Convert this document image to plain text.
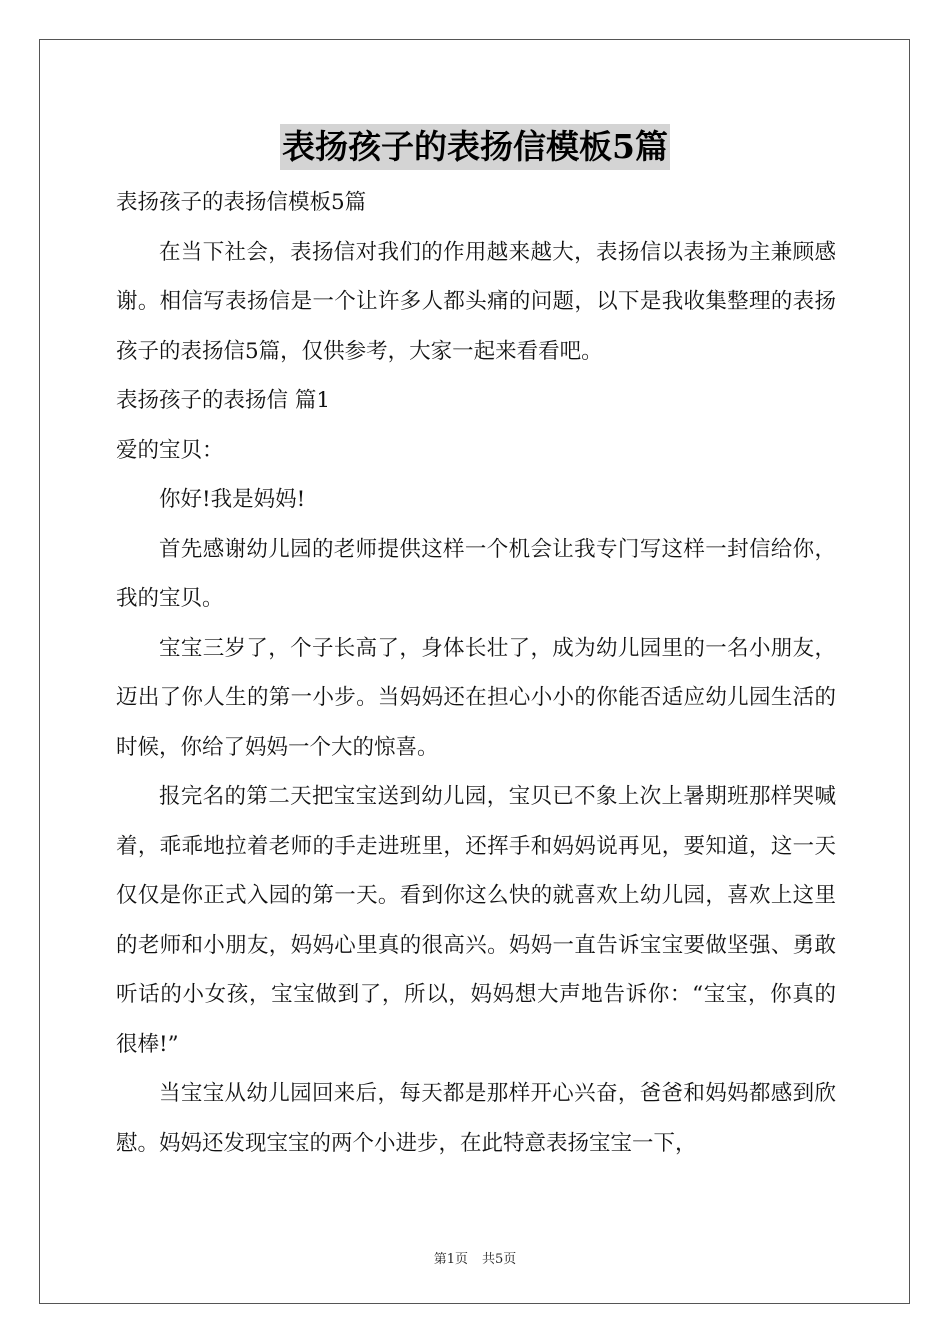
表扬孩子的表扬信模板5篇

表扬孩子的表扬信模板5篇

在当下社会，表扬信对我们的作用越来越大，表扬信以表扬为主兼顾感谢。相信写表扬信是一个让许多人都头痛的问题，以下是我收集整理的表扬孩子的表扬信5篇，仅供参考，大家一起来看看吧。

表扬孩子的表扬信 篇1

爱的宝贝：

你好!我是妈妈!

首先感谢幼儿园的老师提供这样一个机会让我专门写这样一封信给你，我的宝贝。

宝宝三岁了，个子长高了，身体长壮了，成为幼儿园里的一名小朋友，迈出了你人生的第一小步。当妈妈还在担心小小的你能否适应幼儿园生活的时候，你给了妈妈一个大的惊喜。

报完名的第二天把宝宝送到幼儿园，宝贝已不象上次上暑期班那样哭喊着，乖乖地拉着老师的手走进班里，还挥手和妈妈说再见，要知道，这一天仅仅是你正式入园的第一天。看到你这么快的就喜欢上幼儿园，喜欢上这里的老师和小朋友，妈妈心里真的很高兴。妈妈一直告诉宝宝要做坚强、勇敢听话的小女孩，宝宝做到了，所以，妈妈想大声地告诉你：“宝宝，你真的很棒!”

当宝宝从幼儿园回来后，每天都是那样开心兴奋，爸爸和妈妈都感到欣慰。妈妈还发现宝宝的两个小进步，在此特意表扬宝宝一下，

第1页 共5页
